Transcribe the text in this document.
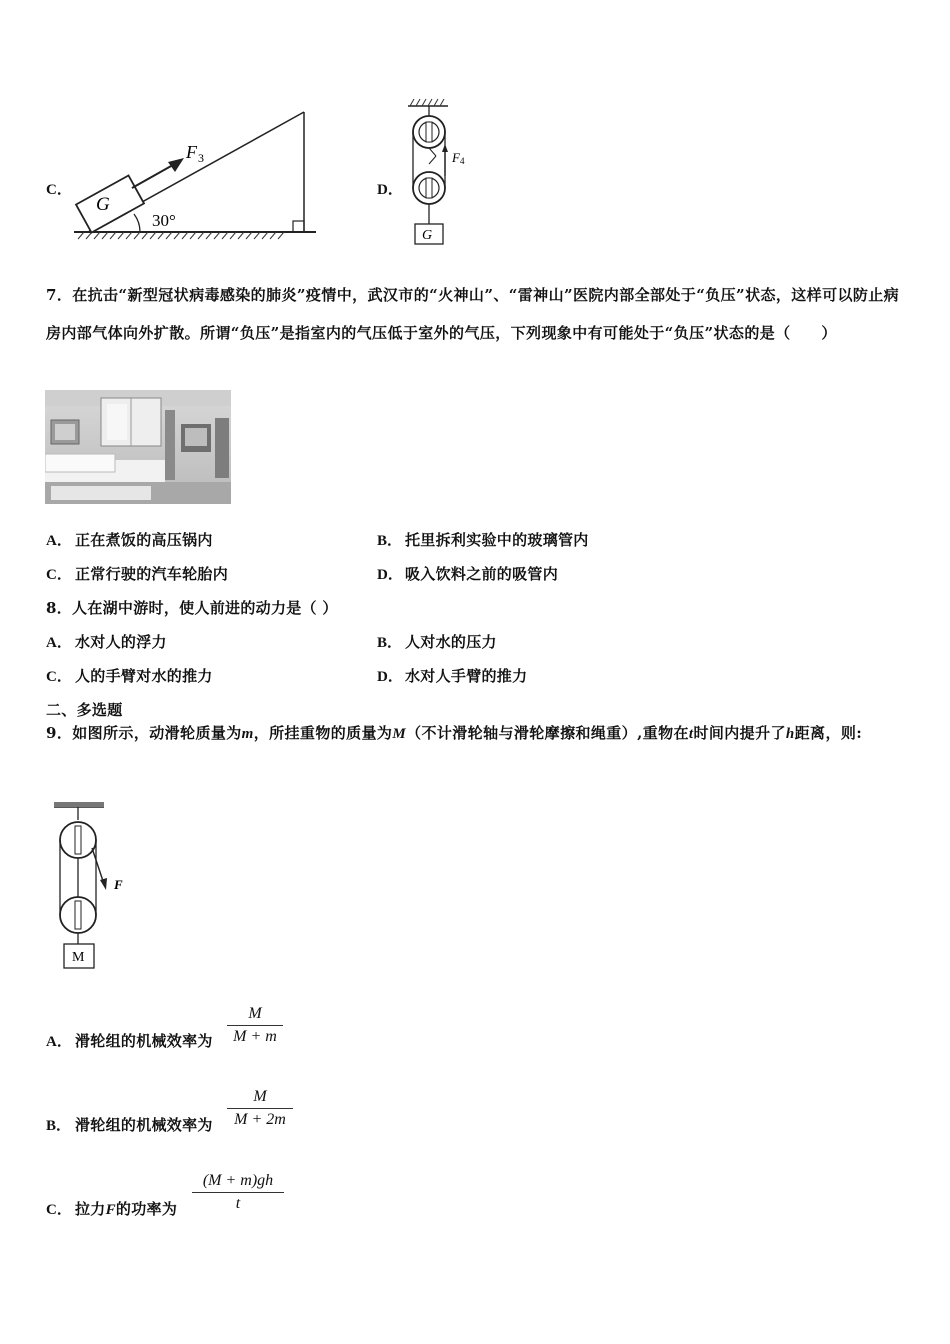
C．
G
F 3
30°
D．
F 4
G
7．在抗击“新型冠状病毒感染的肺炎”疫情中，武汉市的“火神山”、“雷神山”医院内部全部处于“负压”状态，这样可以防止病房内部气体向外扩散。所谓“负压”是指室内的气压低于室外的气压，下列现象中有可能处于“负压”状态的是（　　）
A． 正在煮饭的高压锅内	B． 托里拆利实验中的玻璃管内
C． 正常行驶的汽车轮胎内	D． 吸入饮料之前的吸管内
8．人在湖中游时，使人前进的动力是（ ）
A． 水对人的浮力	B． 人对水的压力
C． 人的手臂对水的推力	D． 水对人手臂的推力
二、多选题
9．如图所示，动滑轮质量为m，所挂重物的质量为M（不计滑轮轴与滑轮摩擦和绳重）,重物在t时间内提升了h距离，则:
F
M
A． 滑轮组的机械效率为
M
M + m
B． 滑轮组的机械效率为
M
M + 2m
C． 拉力F的功率为
(M + m)gh
t
